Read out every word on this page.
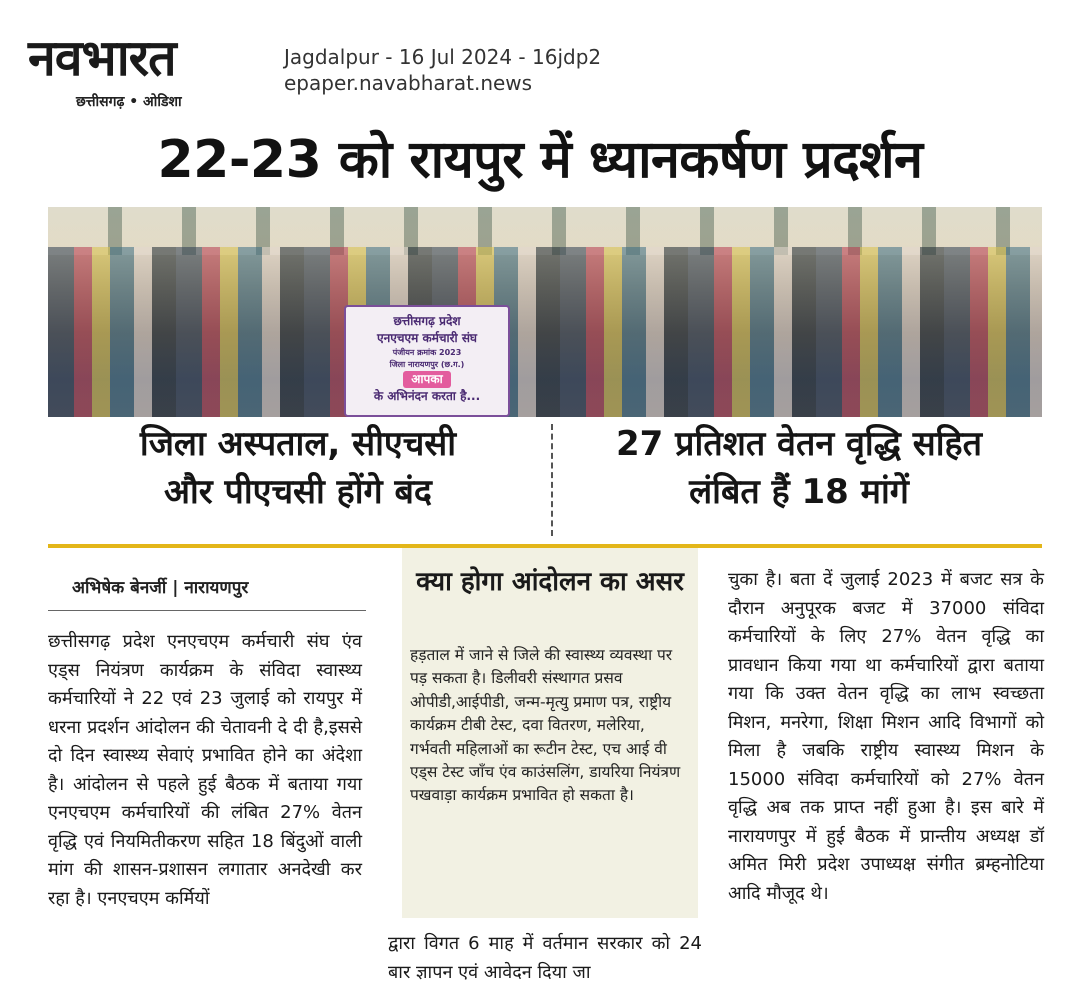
नवभारत
छत्तीसगढ़ • ओडिशा
Jagdalpur - 16 Jul 2024 - 16jdp2
epaper.navabharat.news
22-23 को रायपुर में ध्यानकर्षण प्रदर्शन
छत्तीसगढ़ प्रदेश
एनएचएम कर्मचारी संघ
पंजीयन क्रमांक 2023
जिला नारायणपुर (छ.ग.)
आपका
के अभिनंदन करता है...
जिला अस्पताल, सीएचसी
और पीएचसी होंगे बंद
27 प्रतिशत वेतन वृद्धि सहित
लंबित हैं 18 मांगें
अभिषेक बेनर्जी | नारायणपुर
छत्तीसगढ़ प्रदेश एनएचएम कर्मचारी संघ एंव एड्स नियंत्रण कार्यक्रम के संविदा स्वास्थ्य कर्मचारियों ने 22 एवं 23 जुलाई को रायपुर में धरना प्रदर्शन आंदोलन की चेतावनी दे दी है,इससे दो दिन स्वास्थ्य सेवाएं प्रभावित होने का अंदेशा है। आंदोलन से पहले हुई बैठक में बताया गया एनएचएम कर्मचारियों की लंबित 27% वेतन वृद्धि एवं नियमितीकरण सहित 18 बिंदुओं वाली मांग की शासन-प्रशासन लगातार अनदेखी कर रहा है। एनएचएम कर्मियों
क्या होगा आंदोलन का असर
हड़ताल में जाने से जिले की स्वास्थ्य व्यवस्था पर पड़ सकता है। डिलीवरी संस्थागत प्रसव ओपीडी,आईपीडी, जन्म-मृत्यु प्रमाण पत्र, राष्ट्रीय कार्यक्रम टीबी टेस्ट, दवा वितरण, मलेरिया, गर्भवती महिलाओं का रूटीन टेस्ट, एच आई वी एड्स टेस्ट जाँच एंव काउंसलिंग, डायरिया नियंत्रण पखवाड़ा कार्यक्रम प्रभावित हो सकता है।
द्वारा विगत 6 माह में वर्तमान सरकार को 24 बार ज्ञापन एवं आवेदन दिया जा
चुका है। बता दें जुलाई 2023 में बजट सत्र के दौरान अनुपूरक बजट में 37000 संविदा कर्मचारियों के लिए 27% वेतन वृद्धि का प्रावधान किया गया था कर्मचारियों द्वारा बताया गया कि उक्त वेतन वृद्धि का लाभ स्वच्छता मिशन, मनरेगा, शिक्षा मिशन आदि विभागों को मिला है जबकि राष्ट्रीय स्वास्थ्य मिशन के 15000 संविदा कर्मचारियों को 27% वेतन वृद्धि अब तक प्राप्त नहीं हुआ है। इस बारे में नारायणपुर में हुई बैठक में प्रान्तीय अध्यक्ष डॉ अमित मिरी प्रदेश उपाध्यक्ष संगीत ब्रम्हनोटिया आदि मौजूद थे।
